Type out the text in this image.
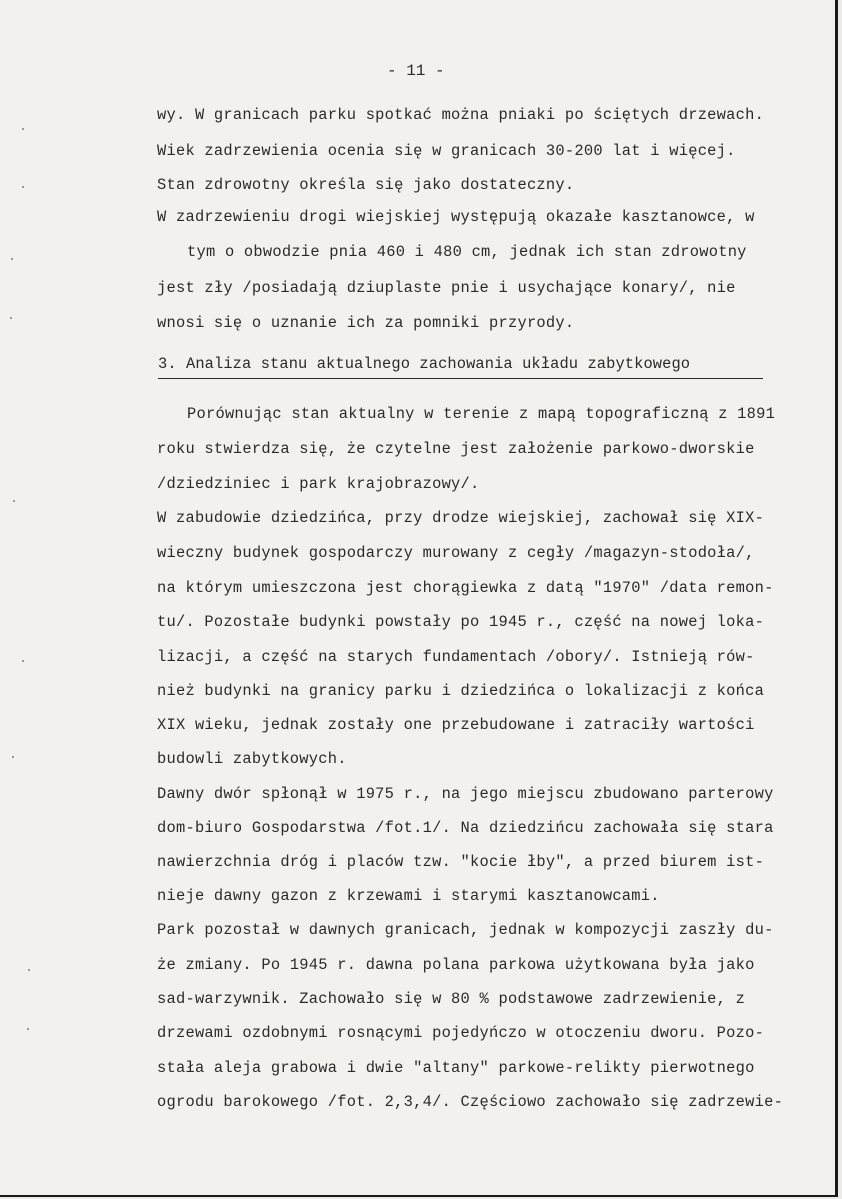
- 11 -
wy. W granicach parku spotkać można pniaki po ściętych drzewach.
Wiek zadrzewienia ocenia się w granicach 30-200 lat i więcej.
Stan zdrowotny określa się jako dostateczny.
W zadrzewieniu drogi wiejskiej występują okazałe kasztanowce, w
tym o obwodzie pnia 460 i 480 cm, jednak ich stan zdrowotny
jest zły /posiadają dziuplaste pnie i usychające konary/, nie
wnosi się o uznanie ich za pomniki przyrody.
3. Analiza stanu aktualnego zachowania układu zabytkowego
Porównując stan aktualny w terenie z mapą topograficzną z 1891
roku stwierdza się, że czytelne jest założenie parkowo-dworskie
/dziedziniec i park krajobrazowy/.
W zabudowie dziedzińca, przy drodze wiejskiej, zachował się XIX-
wieczny budynek gospodarczy murowany z cegły /magazyn-stodoła/,
na którym umieszczona jest chorągiewka z datą "1970" /data remon-
tu/. Pozostałe budynki powstały po 1945 r., część na nowej loka-
lizacji, a część na starych fundamentach /obory/. Istnieją rów-
nież budynki na granicy parku i dziedzińca o lokalizacji z końca
XIX wieku, jednak zostały one przebudowane i zatraciły wartości
budowli zabytkowych.
Dawny dwór spłonął w 1975 r., na jego miejscu zbudowano parterowy
dom-biuro Gospodarstwa /fot.1/. Na dziedzińcu zachowała się stara
nawierzchnia dróg i placów tzw. "kocie łby", a przed biurem ist-
nieje dawny gazon z krzewami i starymi kasztanowcami.
Park pozostał w dawnych granicach, jednak w kompozycji zaszły du-
że zmiany. Po 1945 r. dawna polana parkowa użytkowana była jako
sad-warzywnik. Zachowało się w 80 % podstawowe zadrzewienie, z
drzewami ozdobnymi rosnącymi pojedyńczo w otoczeniu dworu. Pozo-
stała aleja grabowa i dwie "altany" parkowe-relikty pierwotnego
ogrodu barokowego /fot. 2,3,4/. Częściowo zachowało się zadrzewie-
